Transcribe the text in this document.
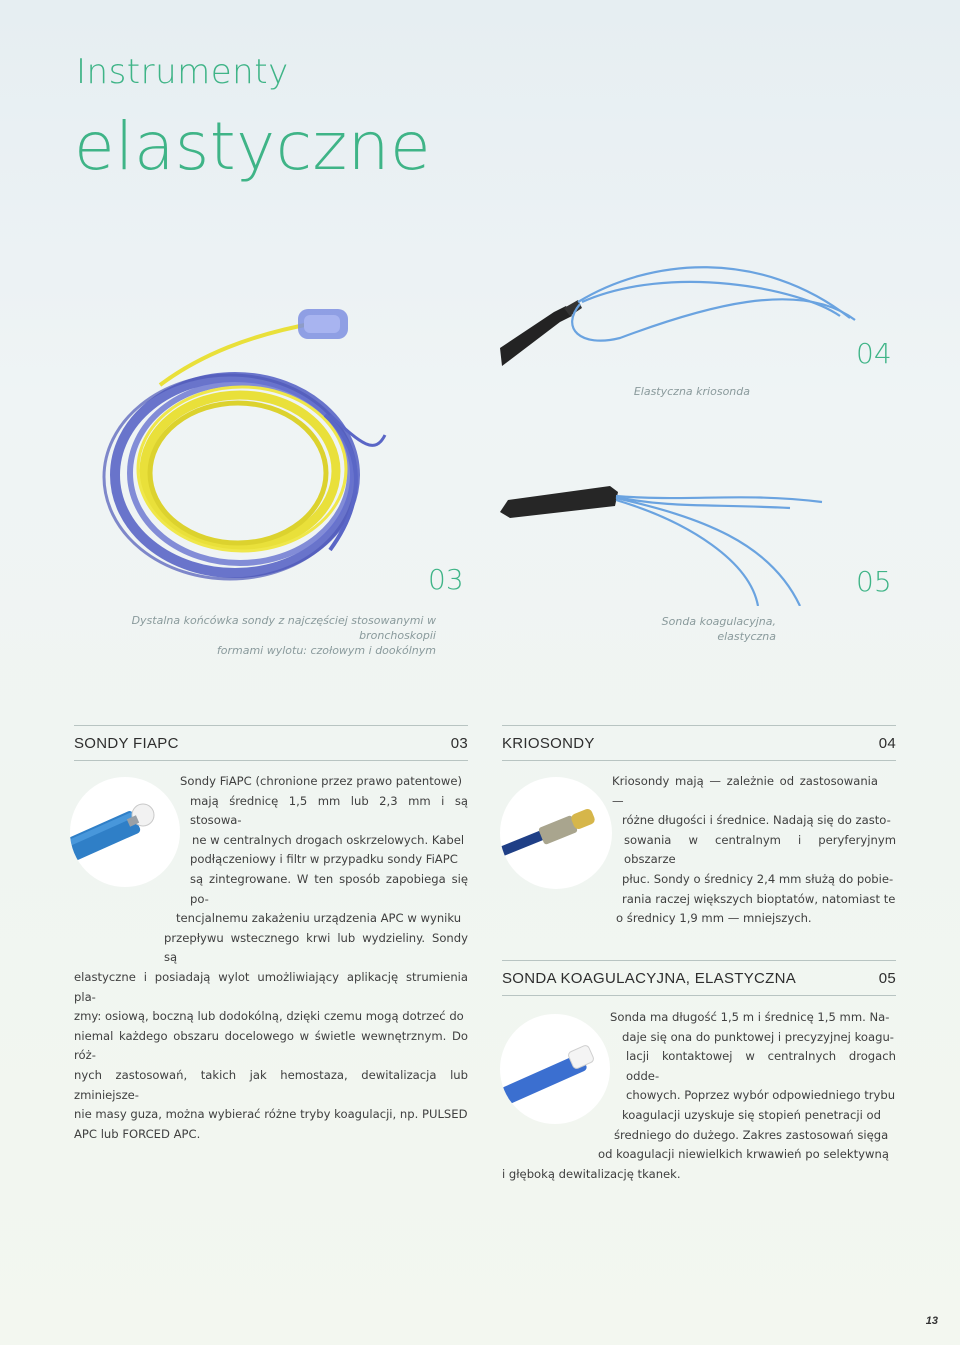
Instrumenty
elastyczne
03
Dystalna końcówka sondy z najczęściej stosowanymi w bronchoskopii
formami wylotu: czołowym i dookólnym
04
Elastyczna kriosonda
05
Sonda koagulacyjna, elastyczna
SONDY FIAPC	03

Sondy FiAPC (chronione przez prawo patentowe)

mają średnicę 1,5 mm lub 2,3 mm i są stosowa-

ne w centralnych drogach oskrzelowych. Kabel

podłączeniowy i filtr w przypadku sondy FiAPC

są zintegrowane. W ten sposób zapobiega się po-

tencjalnemu zakażeniu urządzenia APC w wyniku

przepływu wstecznego krwi lub wydzieliny. Sondy są

elastyczne i posiadają wylot umożliwiający aplikację strumienia pla-

zmy: osiową, boczną lub dodokólną, dzięki czemu mogą dotrzeć do

niemal każdego obszaru docelowego w świetle wewnętrznym. Do róż-

nych zastosowań, takich jak hemostaza, dewitalizacja lub zminiejsze-

nie masy guza, można wybierać różne tryby koagulacji, np. PULSED

APC lub FORCED APC.

KRIOSONDY	04

Kriosondy mają — zależnie od zastosowania —

różne długości i średnice. Nadają się do zasto-

sowania w centralnym i peryferyjnym obszarze

płuc. Sondy o średnicy 2,4 mm służą do pobie-

rania raczej większych bioptatów, natomiast te

o średnicy 1,9 mm — mniejszych.

SONDA KOAGULACYJNA, ELASTYCZNA	05

Sonda ma długość 1,5 m i średnicę 1,5 mm. Na-

daje się ona do punktowej i precyzyjnej koagu-

lacji kontaktowej w centralnych drogach odde-

chowych. Poprzez wybór odpowiedniego trybu

koagulacji uzyskuje się stopień penetracji od

średniego do dużego. Zakres zastosowań sięga

od koagulacji niewielkich krwawień po selektywną

i głęboką dewitalizację tkanek.

13
